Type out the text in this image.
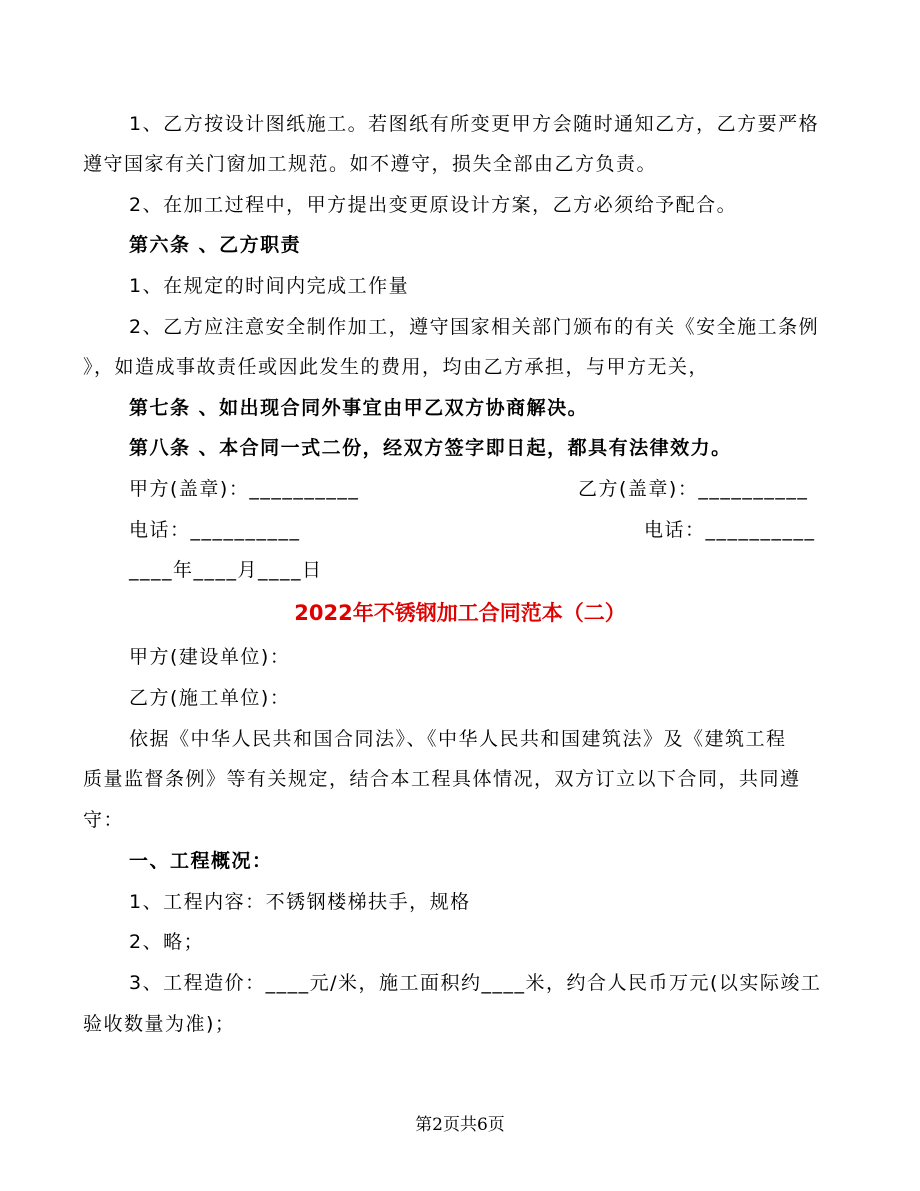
1、乙方按设计图纸施工。若图纸有所变更甲方会随时通知乙方，乙方要严格
遵守国家有关门窗加工规范。如不遵守，损失全部由乙方负责。
2、在加工过程中，甲方提出变更原设计方案，乙方必须给予配合。
第六条 、乙方职责
1、在规定的时间内完成工作量
2、乙方应注意安全制作加工，遵守国家相关部门颁布的有关《安全施工条例
》，如造成事故责任或因此发生的费用，均由乙方承担，与甲方无关，
第七条 、如出现合同外事宜由甲乙双方协商解决。
第八条 、本合同一式二份，经双方签字即日起，都具有法律效力。
甲方(盖章)：__________	乙方(盖章)：__________
电话：__________	电话：__________
____年____月____日
2022年不锈钢加工合同范本（二）
甲方(建设单位)：
乙方(施工单位)：
依据《中华人民共和国合同法》、《中华人民共和国建筑法》及《建筑工程
质量监督条例》等有关规定，结合本工程具体情况，双方订立以下合同，共同遵
守：
一、工程概况：
1、工程内容：不锈钢楼梯扶手，规格
2、略；
3、工程造价：____元/米，施工面积约____米，约合人民币万元(以实际竣工
验收数量为准)；
第2页共6页
